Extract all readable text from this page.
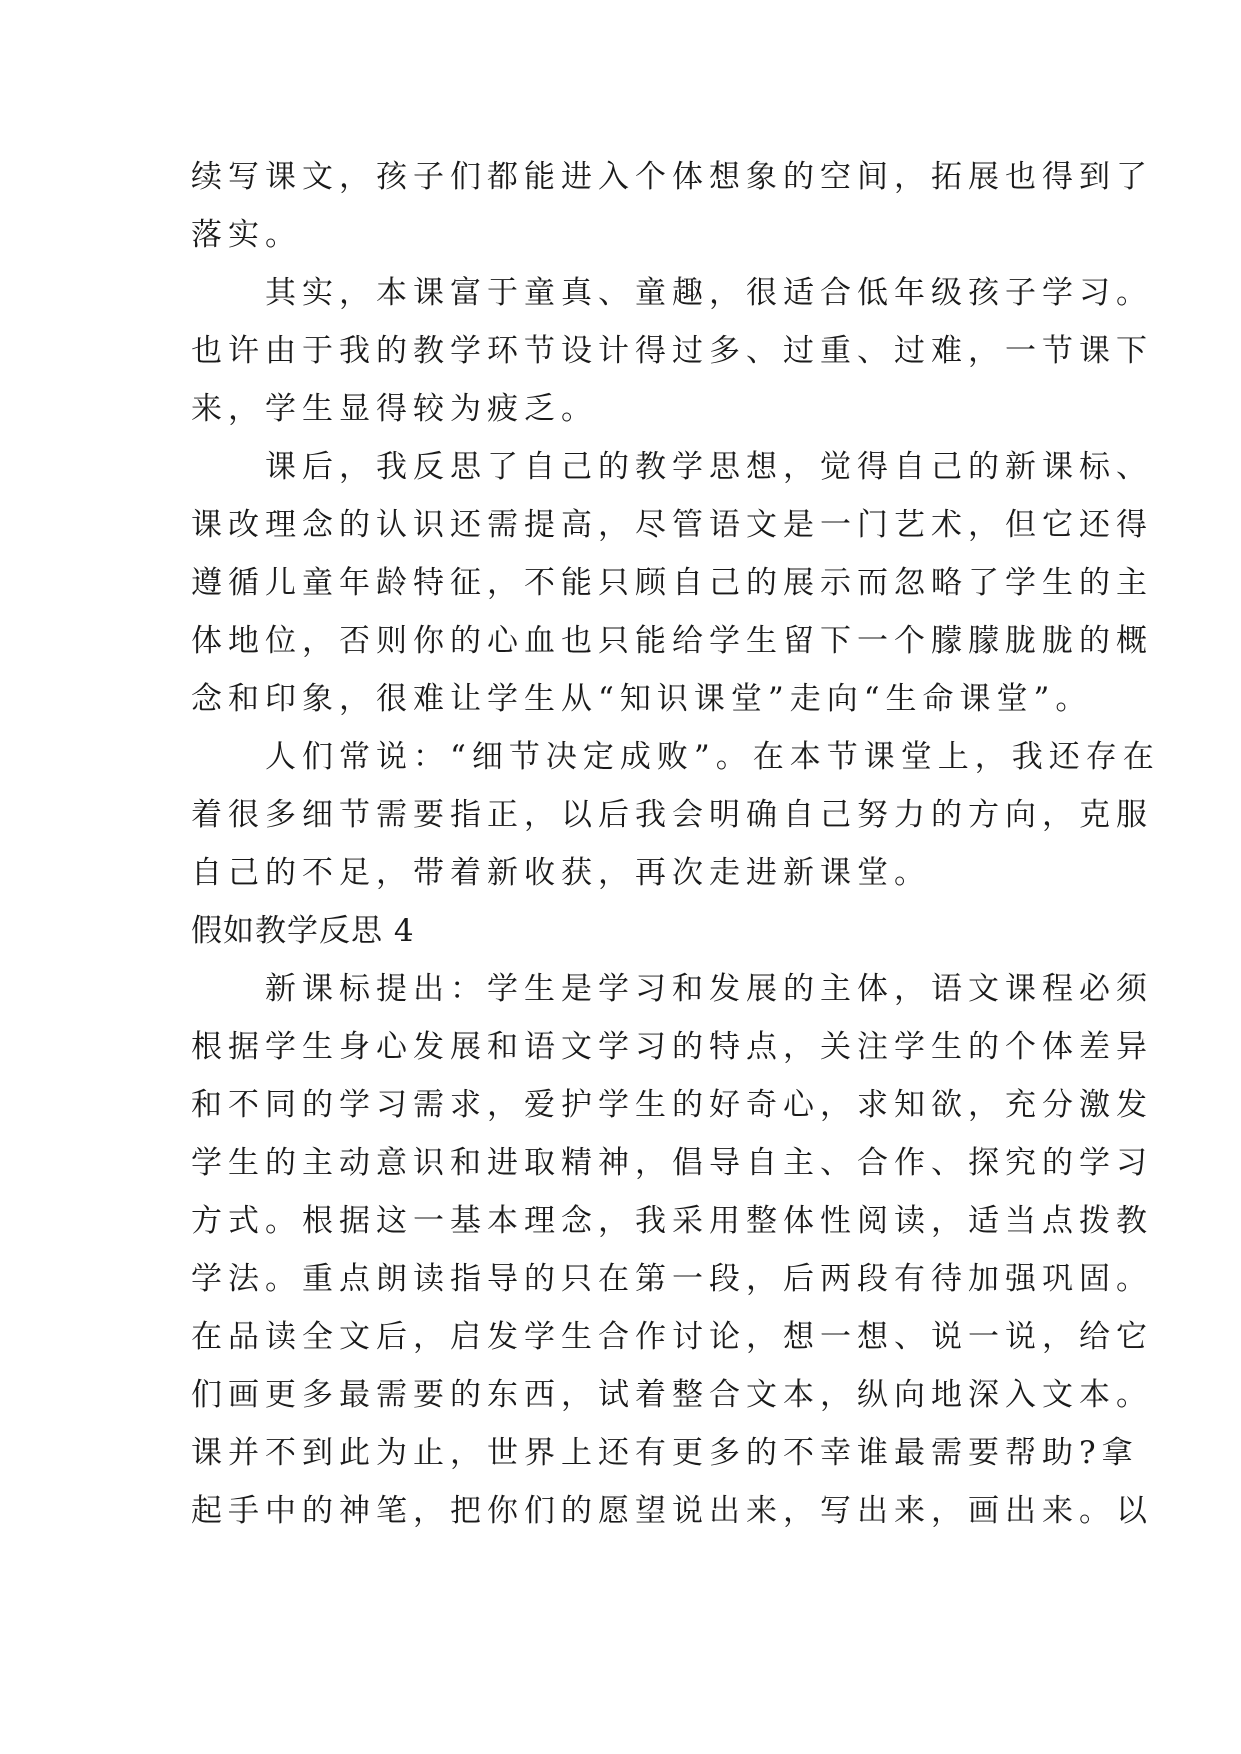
续写课文，孩子们都能进入个体想象的空间，拓展也得到了
落实。
　　其实，本课富于童真、童趣，很适合低年级孩子学习。
也许由于我的教学环节设计得过多、过重、过难，一节课下
来，学生显得较为疲乏。
　　课后，我反思了自己的教学思想，觉得自己的新课标、
课改理念的认识还需提高，尽管语文是一门艺术，但它还得
遵循儿童年龄特征，不能只顾自己的展示而忽略了学生的主
体地位，否则你的心血也只能给学生留下一个朦朦胧胧的概
念和印象，很难让学生从“知识课堂”走向“生命课堂”。
　　人们常说：“细节决定成败”。在本节课堂上，我还存在
着很多细节需要指正，以后我会明确自己努力的方向，克服
自己的不足，带着新收获，再次走进新课堂。
假如教学反思 4
　　新课标提出：学生是学习和发展的主体，语文课程必须
根据学生身心发展和语文学习的特点，关注学生的个体差异
和不同的学习需求，爱护学生的好奇心，求知欲，充分激发
学生的主动意识和进取精神，倡导自主、合作、探究的学习
方式。根据这一基本理念，我采用整体性阅读，适当点拨教
学法。重点朗读指导的只在第一段，后两段有待加强巩固。
在品读全文后，启发学生合作讨论，想一想、说一说，给它
们画更多最需要的东西，试着整合文本，纵向地深入文本。
课并不到此为止，世界上还有更多的不幸谁最需要帮助?拿
起手中的神笔，把你们的愿望说出来，写出来，画出来。以
